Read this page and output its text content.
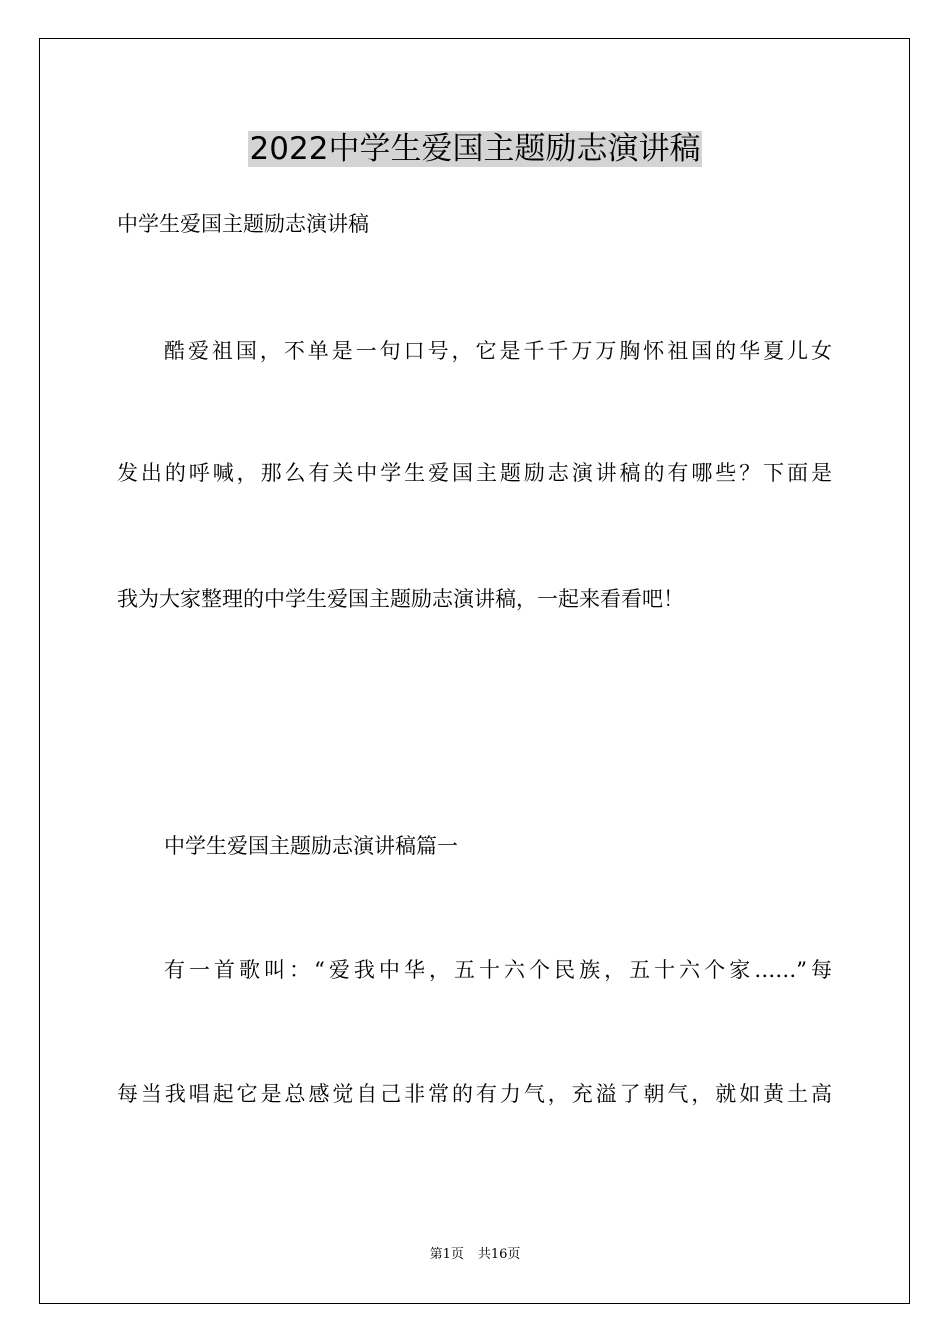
2022中学生爱国主题励志演讲稿
中学生爱国主题励志演讲稿
酷爱祖国，不单是一句口号，它是千千万万胸怀祖国的华夏儿女
发出的呼喊，那么有关中学生爱国主题励志演讲稿的有哪些？下面是
我为大家整理的中学生爱国主题励志演讲稿，一起来看看吧！
中学生爱国主题励志演讲稿篇一
有一首歌叫：“爱我中华，五十六个民族，五十六个家……”每
每当我唱起它是总感觉自己非常的有力气，充溢了朝气，就如黄土高
第1页 共16页
